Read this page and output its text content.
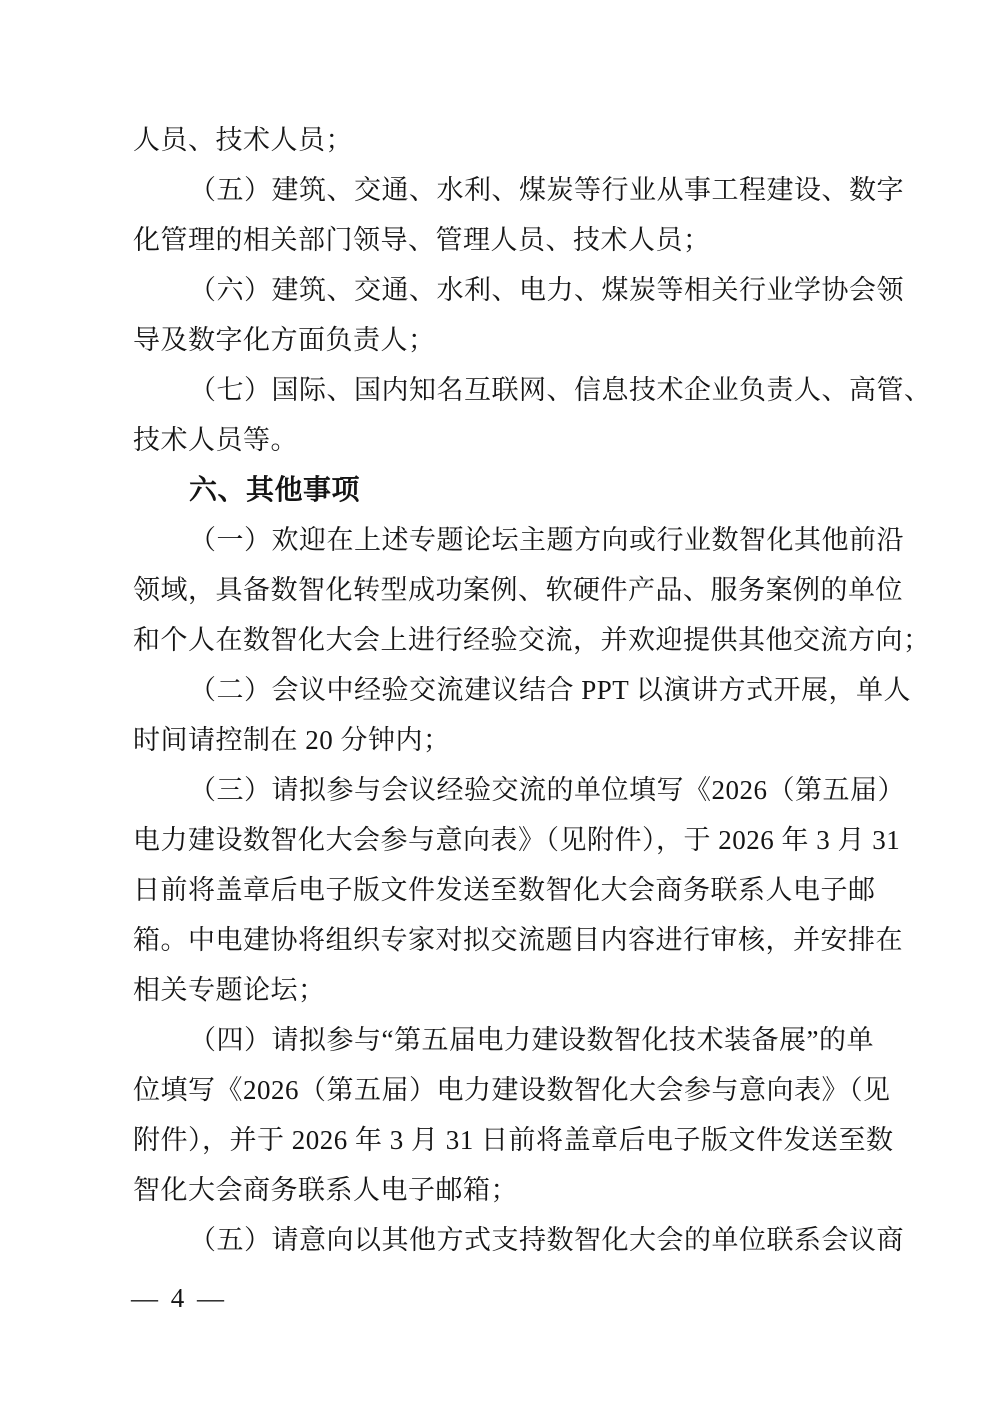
人员、技术人员；
（五）建筑、交通、水利、煤炭等行业从事工程建设、数字
化管理的相关部门领导、管理人员、技术人员；
（六）建筑、交通、水利、电力、煤炭等相关行业学协会领
导及数字化方面负责人；
（七）国际、国内知名互联网、信息技术企业负责人、高管、
技术人员等。
六、其他事项
（一）欢迎在上述专题论坛主题方向或行业数智化其他前沿
领域，具备数智化转型成功案例、软硬件产品、服务案例的单位
和个人在数智化大会上进行经验交流，并欢迎提供其他交流方向；
（二）会议中经验交流建议结合 PPT 以演讲方式开展，单人
时间请控制在 20 分钟内；
（三）请拟参与会议经验交流的单位填写《2026（第五届）
电力建设数智化大会参与意向表》（见附件），于 2026 年 3 月 31
日前将盖章后电子版文件发送至数智化大会商务联系人电子邮
箱。中电建协将组织专家对拟交流题目内容进行审核，并安排在
相关专题论坛；
（四）请拟参与“第五届电力建设数智化技术装备展”的单
位填写《2026（第五届）电力建设数智化大会参与意向表》（见
附件），并于 2026 年 3 月 31 日前将盖章后电子版文件发送至数
智化大会商务联系人电子邮箱；
（五）请意向以其他方式支持数智化大会的单位联系会议商
— 4 —
